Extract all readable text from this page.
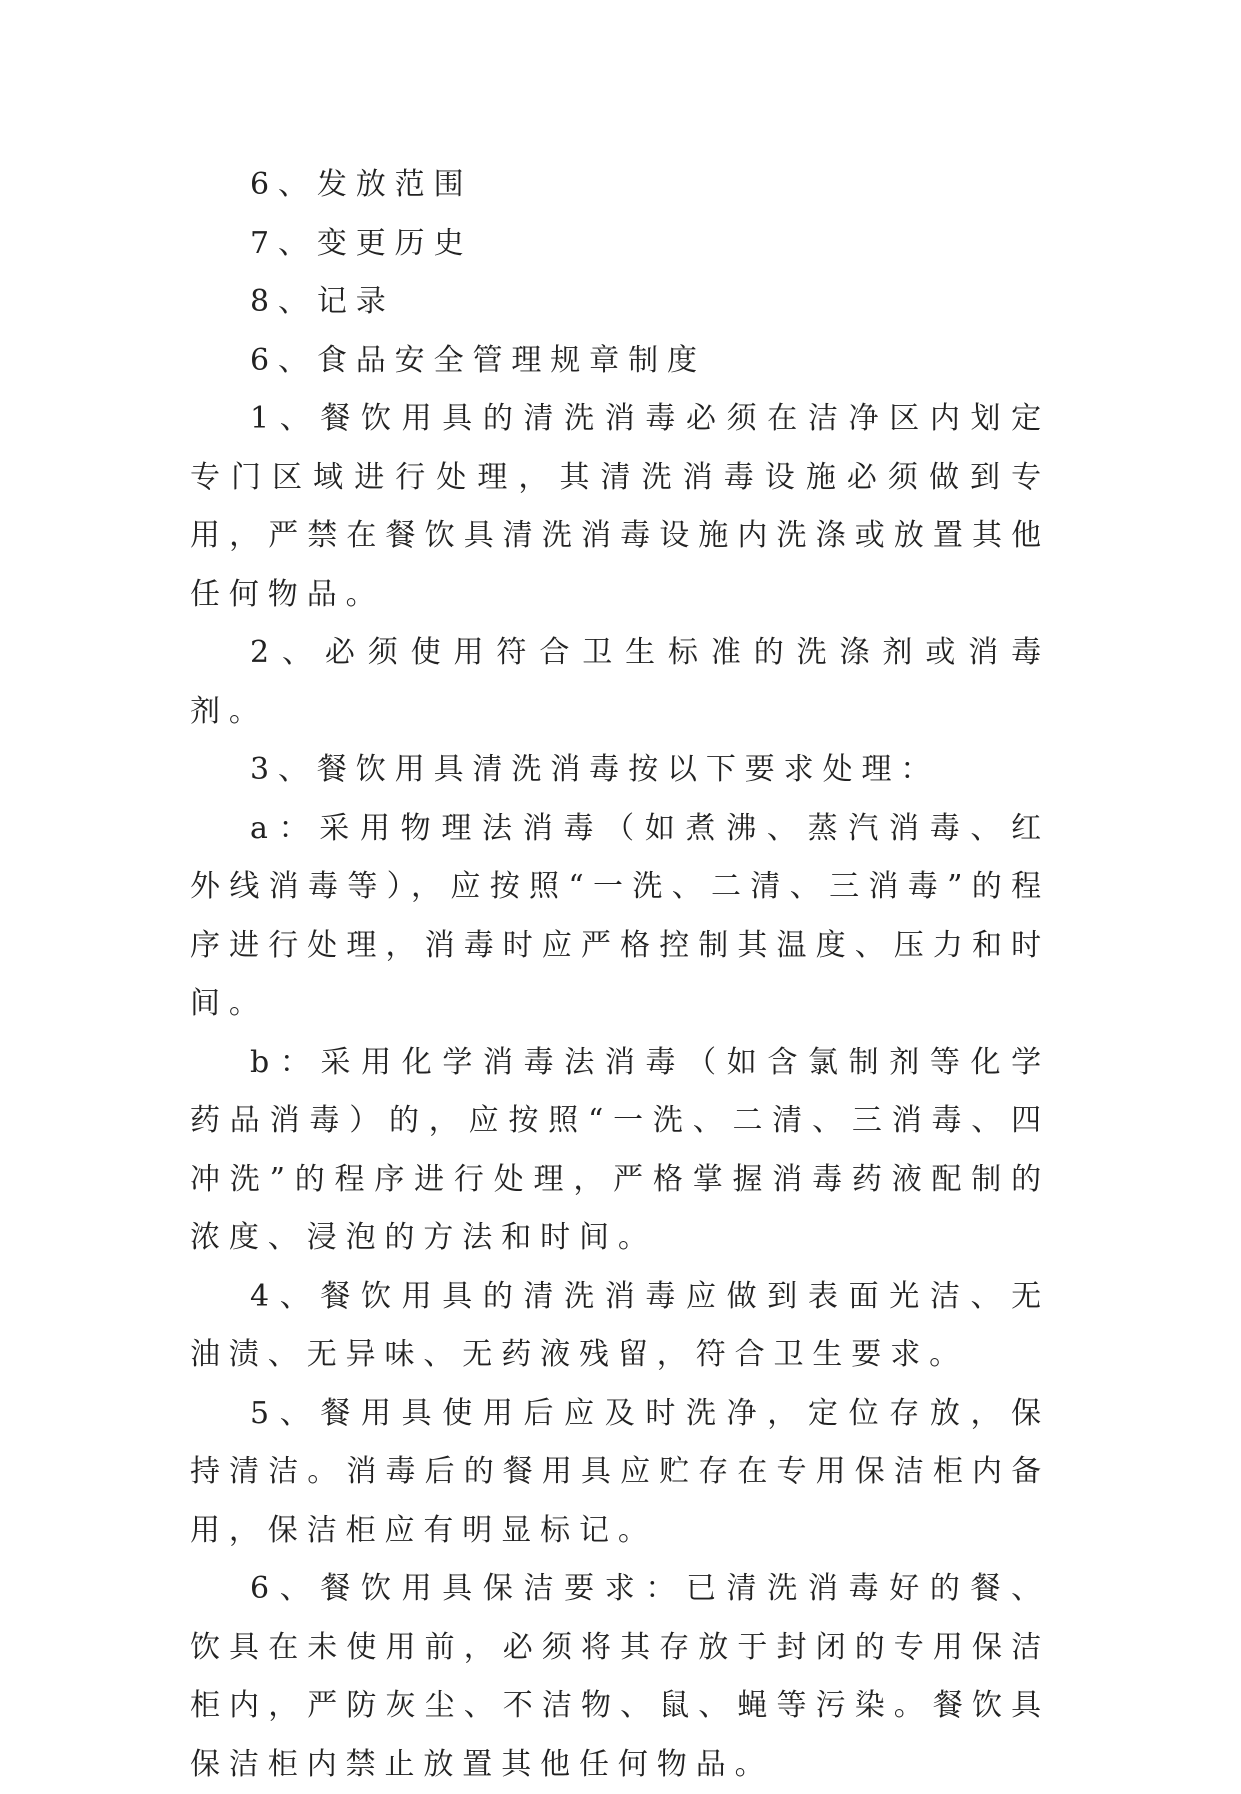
6、发放范围

7、变更历史

8、记录

6、食品安全管理规章制度

1、餐饮用具的清洗消毒必须在洁净区内划定专门区域进行处理，其清洗消毒设施必须做到专用，严禁在餐饮具清洗消毒设施内洗涤或放置其他任何物品。

2、必须使用符合卫生标准的洗涤剂或消毒剂。

3、餐饮用具清洗消毒按以下要求处理：

a：采用物理法消毒（如煮沸、蒸汽消毒、红外线消毒等），应按照“一洗、二清、三消毒”的程序进行处理，消毒时应严格控制其温度、压力和时间。

b：采用化学消毒法消毒（如含氯制剂等化学药品消毒）的，应按照“一洗、二清、三消毒、四冲洗”的程序进行处理，严格掌握消毒药液配制的浓度、浸泡的方法和时间。

4、餐饮用具的清洗消毒应做到表面光洁、无油渍、无异味、无药液残留，符合卫生要求。

5、餐用具使用后应及时洗净，定位存放，保持清洁。消毒后的餐用具应贮存在专用保洁柜内备用，保洁柜应有明显标记。

6、餐饮用具保洁要求：已清洗消毒好的餐、饮具在未使用前，必须将其存放于封闭的专用保洁柜内，严防灰尘、不洁物、鼠、蝇等污染。餐饮具保洁柜内禁止放置其他任何物品。
